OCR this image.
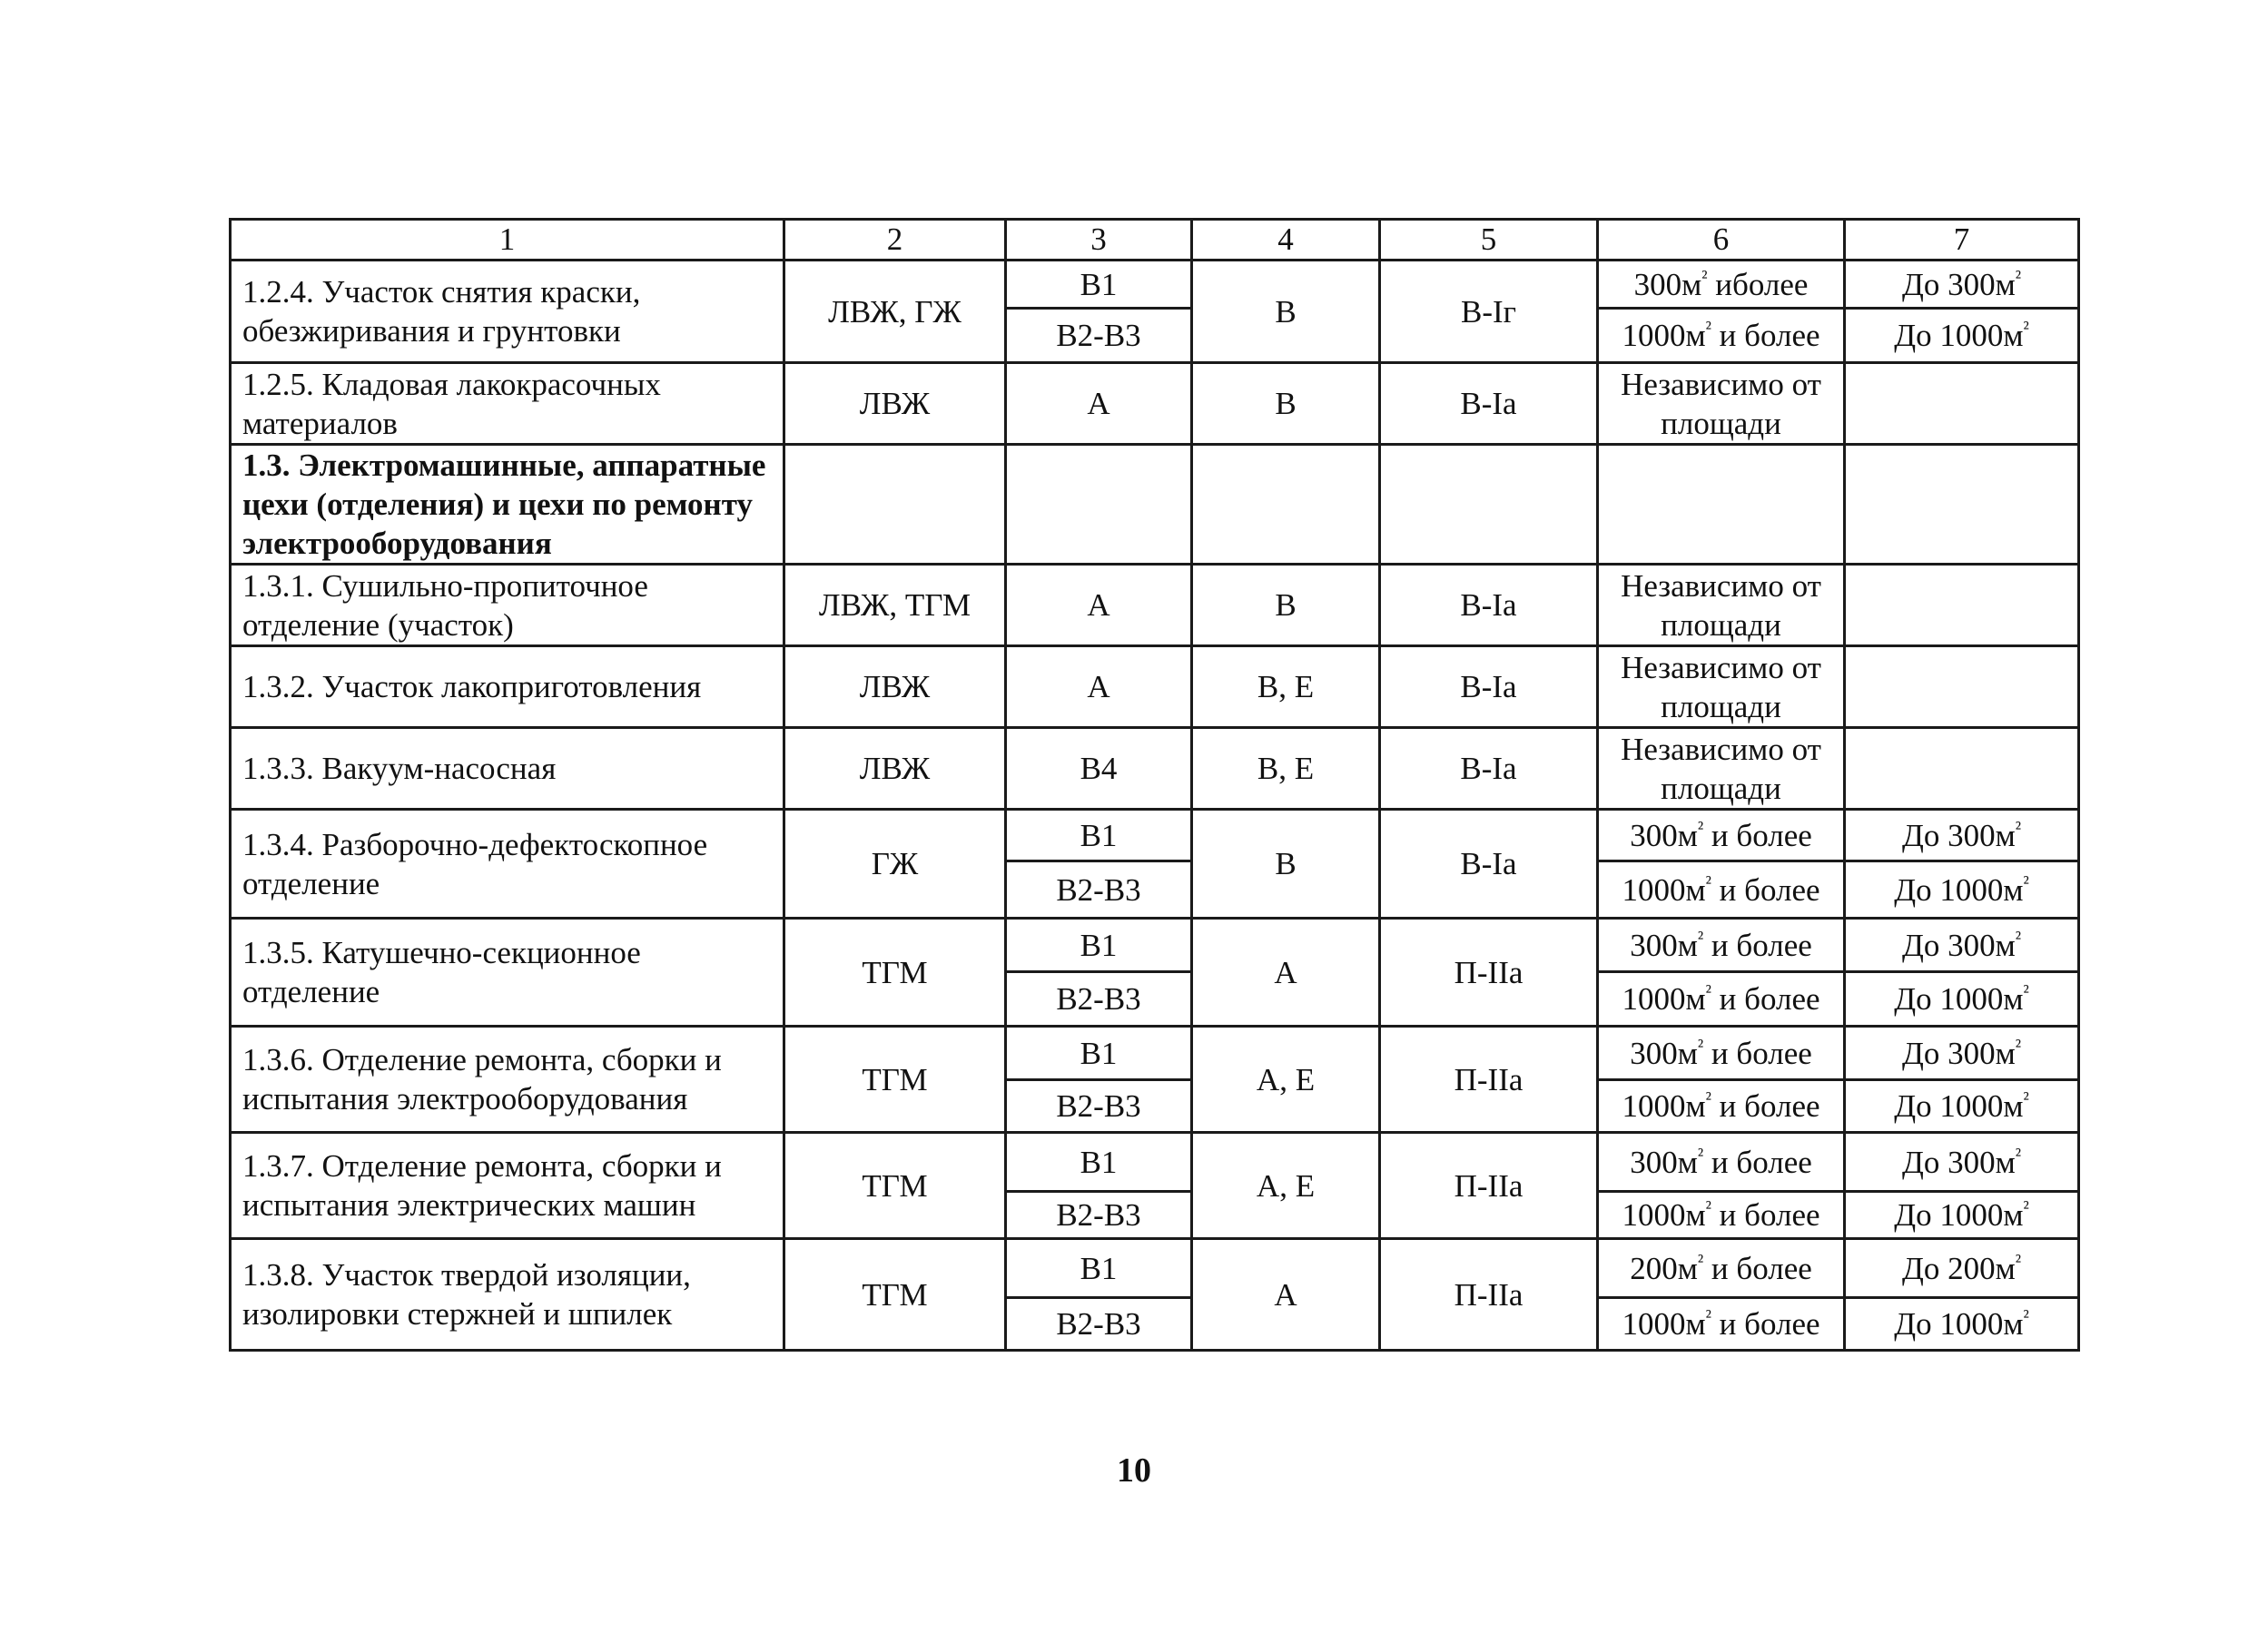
1	2	3	4	5	6	7
1.2.4. Участок снятия краски, обезжиривания и грунтовки	ЛВЖ, ГЖ	В1	В	В-Iг	$300м^{^2}$ иболее	До $300м^{^2}$
		В2-В3			$1000м^{^2}$ и более	До $1000м^{^2}$
1.2.5. Кладовая лакокрасочных материалов	ЛВЖ	А	В	В-Iа	Независимо от площади	
1.3. Электромашинные, аппаратные цехи (отделения) и цехи по ремонту электрооборудования						
1.3.1. Сушильно-пропиточное отделение (участок)	ЛВЖ, ТГМ	А	В	В-Iа	Независимо от площади	
1.3.2. Участок лакоприготовления	ЛВЖ	А	В, Е	В-Iа	Независимо от площади	
1.3.3. Вакуум-насосная	ЛВЖ	В4	В, Е	В-Iа	Независимо от площади	
1.3.4. Разборочно-дефектоскопное отделение	ГЖ	В1	В	В-Iа	$300м^{^2}$ и более	До $300м^{^2}$
		В2-В3			$1000м^{^2}$ и более	До $1000м^{^2}$
1.3.5. Катушечно-секционное отделение	ТГМ	В1	А	П-IIа	$300м^{^2}$ и более	До $300м^{^2}$
		В2-В3			$1000м^{^2}$ и более	До $1000м^{^2}$
1.3.6. Отделение ремонта, сборки и испытания электрооборудования	ТГМ	В1	А, Е	П-IIа	$300м^{^2}$ и более	До $300м^{^2}$
		В2-В3			$1000м^{^2}$ и более	До $1000м^{^2}$
1.3.7. Отделение ремонта, сборки и испытания электрических машин	ТГМ	В1	А, Е	П-IIа	$300м^{^2}$ и более	До $300м^{^2}$
		В2-В3			$1000м^{^2}$ и более	До $1000м^{^2}$
1.3.8. Участок твердой изоляции, изолировки стержней и шпилек	ТГМ	В1	А	П-IIа	$200м^{^2}$ и более	До $200м^{^2}$
		В2-В3			$1000м^{^2}$ и более	До $1000м^{^2}$
10
